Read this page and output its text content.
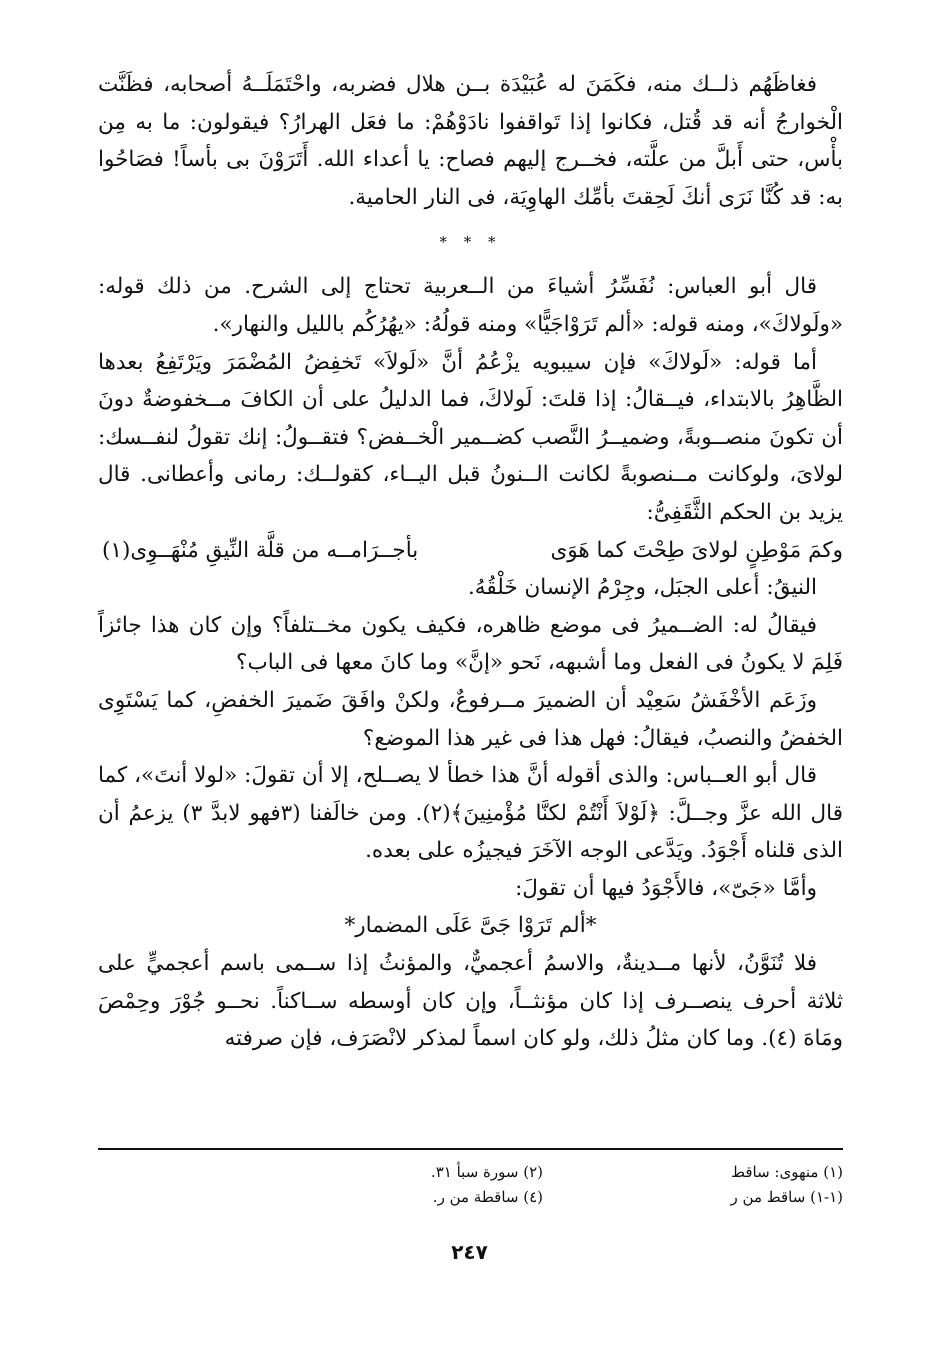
فغاظَهُم ذلــك منه، فكَمَنَ له عُبَيْدَة بــن هلال فضربه، واحْتَمَلَــهُ أصحابه، فظَنَّت الْخوارجُ أنه قد قُتل، فكانوا إذا تَواقفوا نادَوْهُمْ: ما فعَل الهرارُ؟ فيقولون: ما به مِن بأْس، حتى أَبلَّ من علَّته، فخــرج إليهم فصاح: يا أعداء الله. أَتَرَوْنَ بى بأساً! فصَاحُوا به: قد كُنَّا نَرَى أنكَ لَحِقتَ بأمِّك الهاوِيَة، فى النار الحامية.

* * *

قال أبو العباس: نُفَسِّرُ أشياءَ من الــعربية تحتاج إلى الشرح. من ذلك قوله: «ولَولاكَ»، ومنه قوله: «ألم تَرَوْاجَيًّا» ومنه قولُهُ: «يهُرُكُم بالليل والنهار».

أما قوله: «لَولاكَ» فإن سيبويه يزْعُمُ أنَّ «لَولاَ» تَخفِضُ المُضْمَرَ ويَرْتَفِعُ بعدها الظَّاهِرُ بالابتداء، فيــقالُ: إذا قلتَ: لَولاكَ، فما الدليلُ على أن الكافَ مــخفوضةٌ دونَ أن تكونَ منصــوبةً، وضميــرُ النَّصب كضــمير الْخــفض؟ فتقــولُ: إنك تقولُ لنفــسك: لولاىَ، ولوكانت مــنصوبةً لكانت الــنونُ قبل اليــاء، كقولــك: رمانى وأعطانى. قال يزيد بن الحكم الثَّقَفِىُّ:

وكمَ مَوْطِنٍ لولاىَ طِحْتَ كما هَوَى
بأجــرَامــه من قلَّة النِّيقِ مُنْهَــوِى(١)

النيقُ: أعلى الجبَل، وجِرْمُ الإنسان خَلْقُهُ.

فيقالُ له: الضــميرُ فى موضع ظاهره، فكيف يكون مخــتلفاً؟ وإن كان هذا جائزاً فَلِمَ لا يكونُ فى الفعل وما أشبهه، نَحو «إنَّ» وما كانَ معها فى الباب؟

وزَعَم الأخْفَشُ سَعِيْد أن الضميرَ مــرفوعٌ، ولكنْ وافَقَ ضَميرَ الخفضِ، كما يَسْتَوِى الخفضُ والنصبُ، فيقالُ: فهل هذا فى غير هذا الموضع؟

قال أبو العــباس: والذى أقوله أنَّ هذا خطأ لا يصــلح، إلا أن تقولَ: «لولا أنتَ»، كما قال الله عزَّ وجــلَّ: ﴿لَوْلاَ أَنْتُمْ لكنَّا مُؤْمنِينَ﴾(٢). ومن خالَفنا (٣فهو لابدَّ ٣) يزعمُ أن الذى قلناه أَجْوَدُ. ويَدَّعى الوجه الآخَرَ فيجيزُه على بعده.

وأمَّا «جَىّ»، فالأَجْوَدُ فيها أن تقولَ:

*ألم تَرَوْا جَىَّ عَلَى المضمار*

فلا تُنَوَّنُ، لأنها مــدينةٌ، والاسمُ أعجميٌّ، والمؤنثُ إذا ســمى باسم أعجميٍّ على ثلاثة أحرف ينصــرف إذا كان مؤنثــاً، وإن كان أوسطه ســاكناً. نحــو جُوْرَ وحِمْصَ ومَاهَ (٤). وما كان مثلُ ذلك، ولو كان اسماً لمذكر لانْصَرَف، فإن صرفته

(١) منهوى: ساقط
(٢) سورة سبأ ٣١.
(١-١) ساقط من ر
(٤) ساقطة من ر.
٢٤٧
